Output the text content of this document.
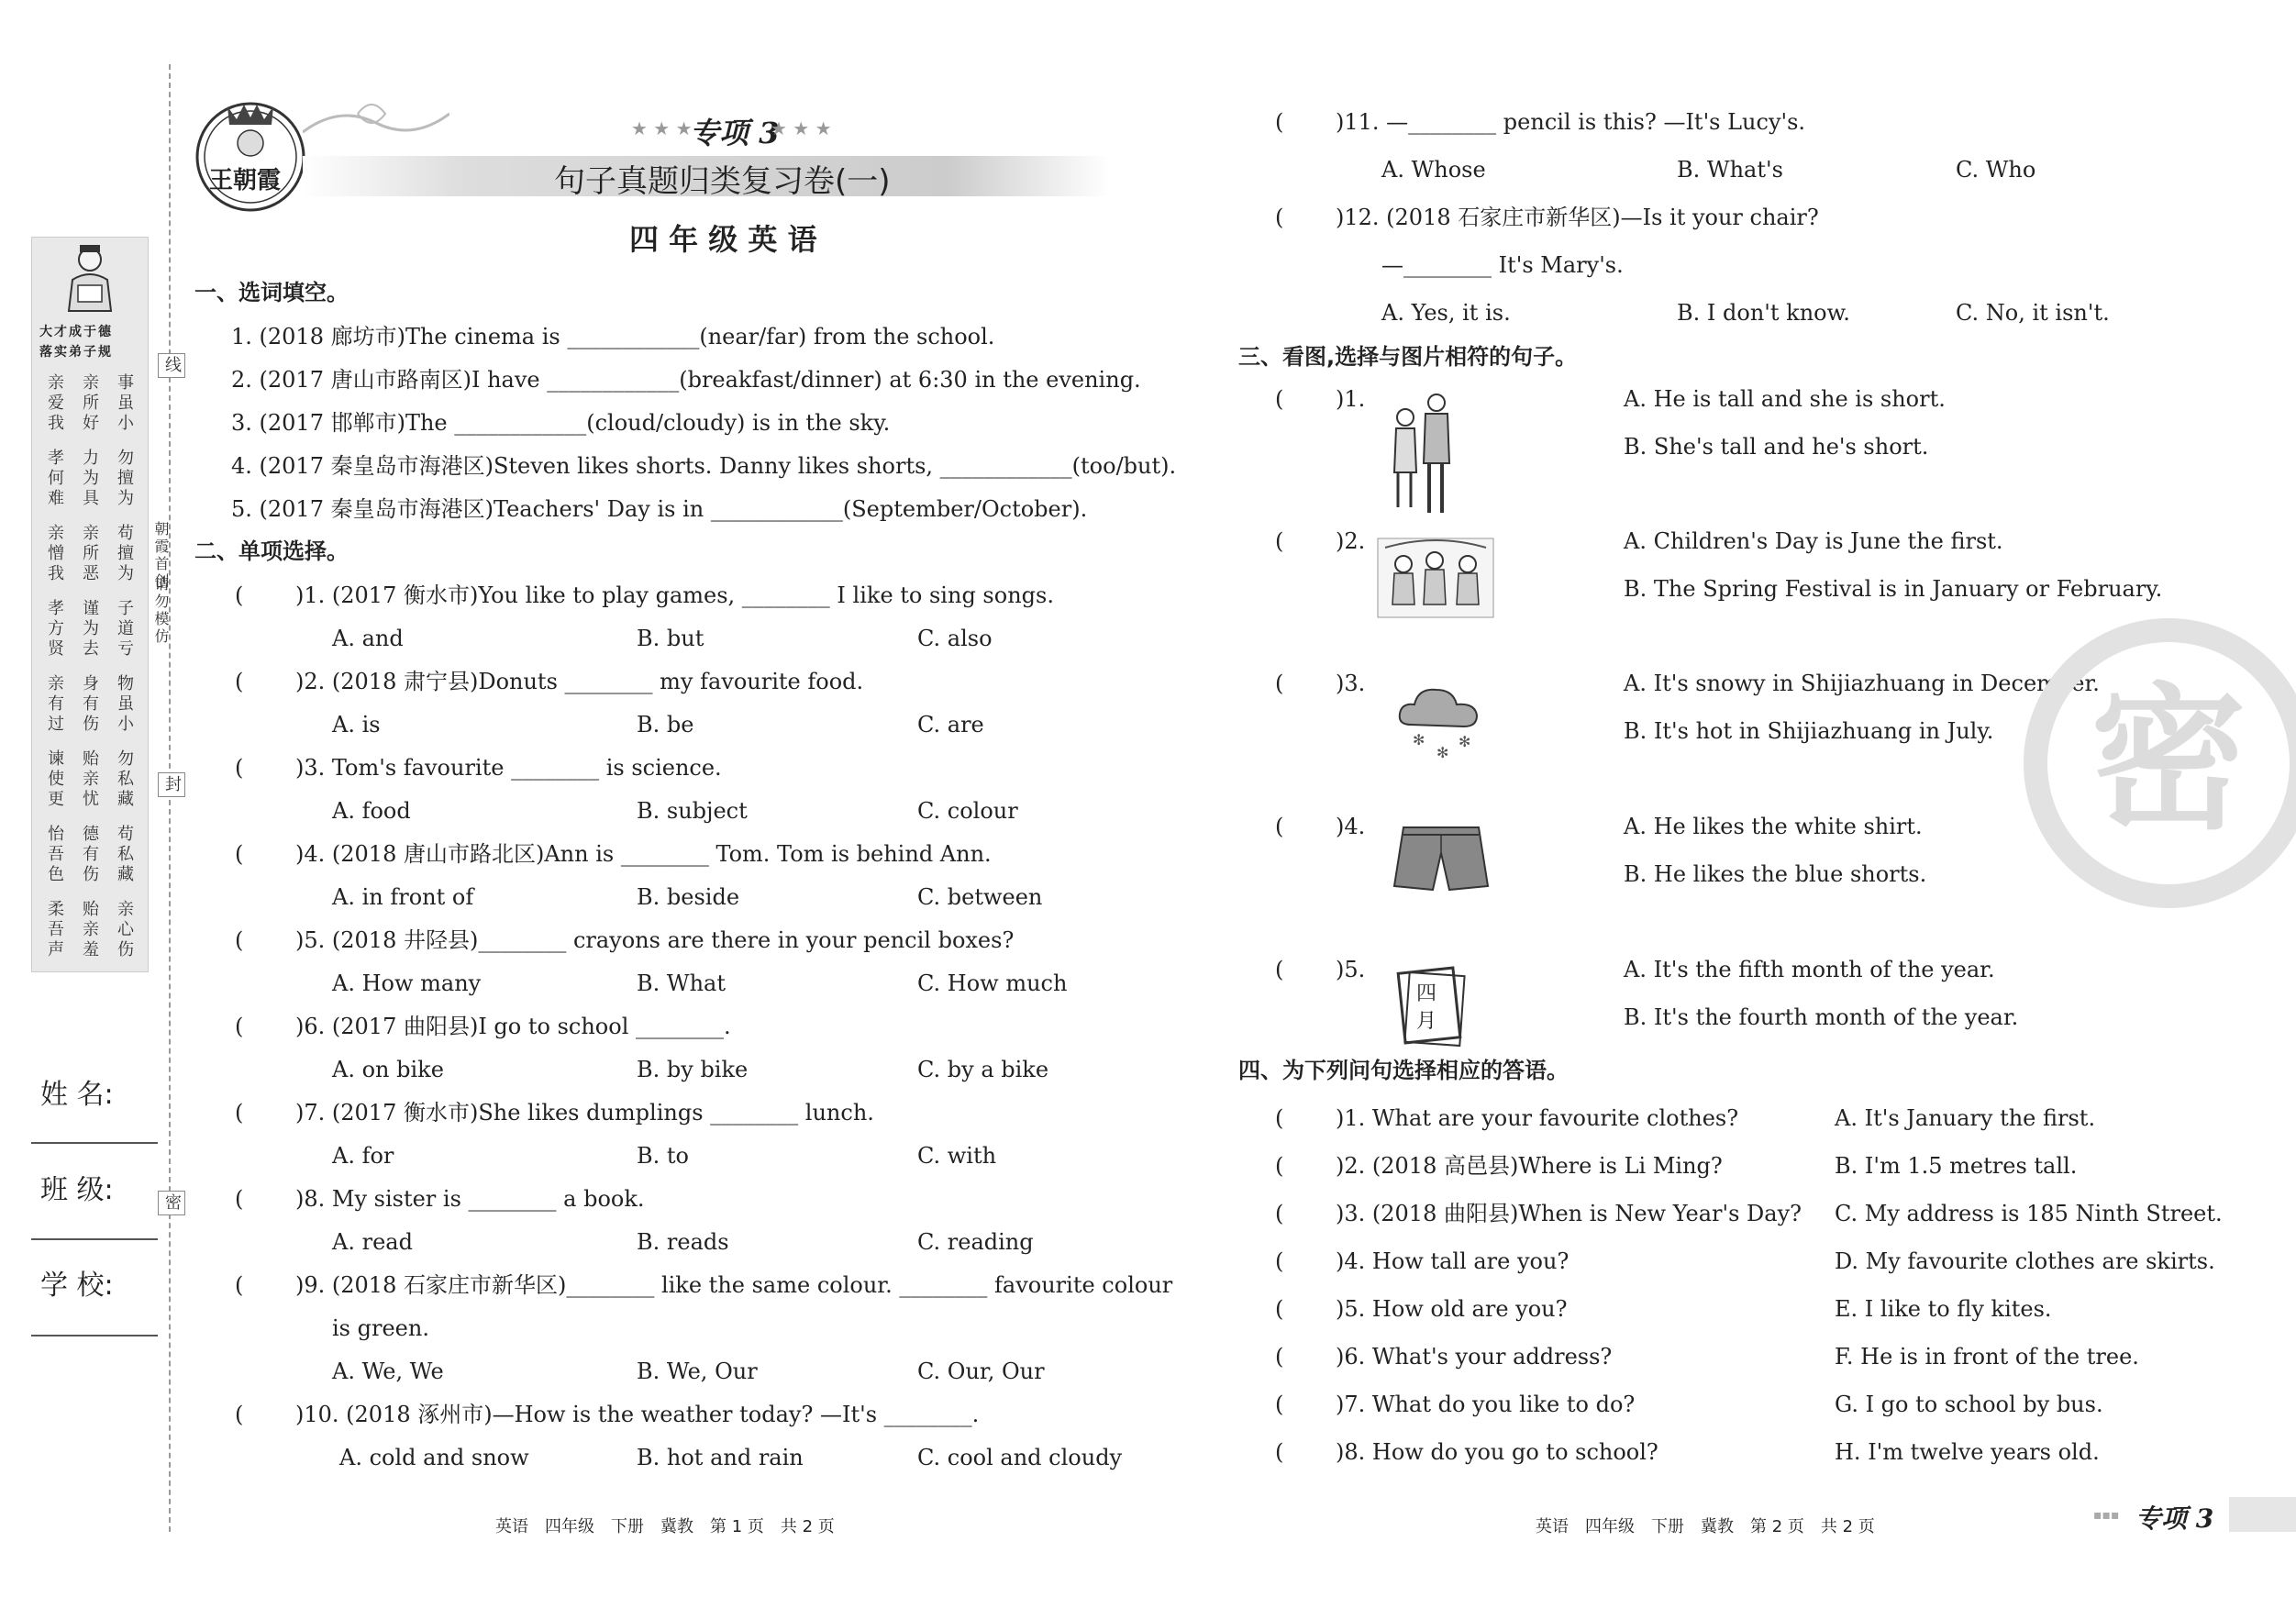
大才成于德
落实弟子规
亲爱我 亲所好 事虽小
孝何难 力为具 勿擅为
亲憎我 亲所恶 苟擅为
孝方贤 谨为去 子道亏
亲有过 身有伤 物虽小
谏使更 贻亲忧 勿私藏
怡吾色 德有伤 苟私藏
柔吾声 贻亲羞 亲心伤
线
朝霞首创
请勿模仿
封
密
姓 名:
班 级:
学 校:
王朝霞
★ ★ ★
专项 3
★ ★ ★
句子真题归类复习卷(一)
四 年 级 英 语
一、选词填空。
1. (2018 廊坊市)The cinema is ____________(near/far) from the school.
2. (2017 唐山市路南区)I have ____________(breakfast/dinner) at 6:30 in the evening.
3. (2017 邯郸市)The ____________(cloud/cloudy) is in the sky.
4. (2017 秦皇岛市海港区)Steven likes shorts. Danny likes shorts, ____________(too/but).
5. (2017 秦皇岛市海港区)Teachers' Day is in ____________(September/October).
二、单项选择。
( )1. (2017 衡水市)You like to play games, ________ I like to sing songs.
A. and	B. but	C. also
( )2. (2018 肃宁县)Donuts ________ my favourite food.
A. is	B. be	C. are
( )3. Tom's favourite ________ is science.
A. food	B. subject	C. colour
( )4. (2018 唐山市路北区)Ann is ________ Tom. Tom is behind Ann.
A. in front of	B. beside	C. between
( )5. (2018 井陉县)________ crayons are there in your pencil boxes?
A. How many	B. What	C. How much
( )6. (2017 曲阳县)I go to school ________.
A. on bike	B. by bike	C. by a bike
( )7. (2017 衡水市)She likes dumplings ________ lunch.
A. for	B. to	C. with
( )8. My sister is ________ a book.
A. read	B. reads	C. reading
( )9. (2018 石家庄市新华区)________ like the same colour. ________ favourite colour
is green.
A. We, We	B. We, Our	C. Our, Our
( )10. (2018 涿州市)—How is the weather today? —It's ________.
A. cold and snow	B. hot and rain	C. cool and cloudy
( )11. —________ pencil is this? —It's Lucy's.
A. Whose	B. What's	C. Who
( )12. (2018 石家庄市新华区)—Is it your chair?
—________ It's Mary's.
A. Yes, it is.	B. I don't know.	C. No, it isn't.
三、看图,选择与图片相符的句子。
( )1.	A. He is tall and she is short.
B. She's tall and he's short.
( )2.	A. Children's Day is June the first.
B. The Spring Festival is in January or February.
( )3.
✻
✻
✻
A. It's snowy in Shijiazhuang in December.
B. It's hot in Shijiazhuang in July.
( )4.	A. He likes the white shirt.
B. He likes the blue shorts.
( )5.
四
月
A. It's the fifth month of the year.
B. It's the fourth month of the year.
四、为下列问句选择相应的答语。
( )1. What are your favourite clothes?	A. It's January the first.
( )2. (2018 高邑县)Where is Li Ming?	B. I'm 1.5 metres tall.
( )3. (2018 曲阳县)When is New Year's Day? C. My address is 185 Ninth Street.
( )4. How tall are you?	D. My favourite clothes are skirts.
( )5. How old are you?	E. I like to fly kites.
( )6. What's your address?	F. He is in front of the tree.
( )7. What do you like to do?	G. I go to school by bus.
( )8. How do you go to school?	H. I'm twelve years old.
密
英语　四年级　下册　冀教　第 1 页　共 2 页	英语　四年级　下册　冀教　第 2 页　共 2 页
▪▪▪ 专项 3
